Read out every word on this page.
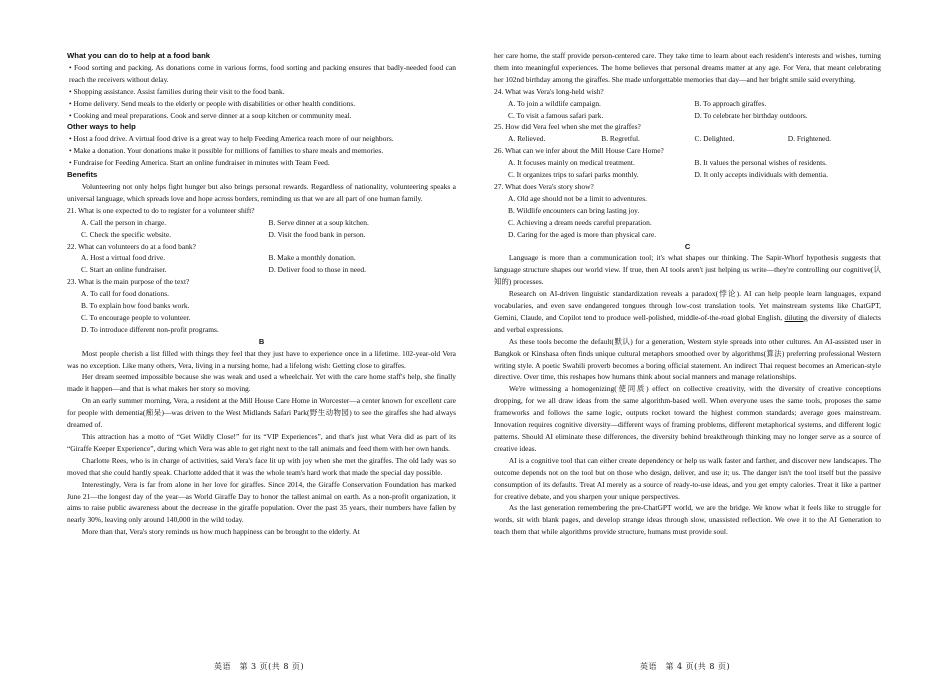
What you can do to help at a food bank

• Food sorting and packing. As donations come in various forms, food sorting and packing ensures that badly-needed food can reach the receivers without delay.

• Shopping assistance. Assist families during their visit to the food bank.

• Home delivery. Send meals to the elderly or people with disabilities or other health conditions.

• Cooking and meal preparations. Cook and serve dinner at a soup kitchen or community meal.

Other ways to help

• Host a food drive. A virtual food drive is a great way to help Feeding America reach more of our neighbors.

• Make a donation. Your donations make it possible for millions of families to share meals and memories.

• Fundraise for Feeding America. Start an online fundraiser in minutes with Team Feed.

Benefits

Volunteering not only helps fight hunger but also brings personal rewards. Regardless of nationality, volunteering speaks a universal language, which spreads love and hope across borders, reminding us that we are all part of one human family.

21. What is one expected to do to register for a volunteer shift?

A. Call the person in charge.	B. Serve dinner at a soup kitchen.
C. Check the specific website.	D. Visit the food bank in person.

22. What can volunteers do at a food bank?

A. Host a virtual food drive.	B. Make a monthly donation.
C. Start an online fundraiser.	D. Deliver food to those in need.

23. What is the main purpose of the text?

A. To call for food donations.
B. To explain how food banks work.
C. To encourage people to volunteer.
D. To introduce different non-profit programs.

B

Most people cherish a list filled with things they feel that they just have to experience once in a lifetime. 102-year-old Vera was no exception. Like many others, Vera, living in a nursing home, had a lifelong wish: Getting close to giraffes.

Her dream seemed impossible because she was weak and used a wheelchair. Yet with the care home staff's help, she finally made it happen—and that is what makes her story so moving.

On an early summer morning, Vera, a resident at the Mill House Care Home in Worcester—a center known for excellent care for people with dementia(痴呆)—was driven to the West Midlands Safari Park(野生动物园) to see the giraffes she had always dreamed of.

This attraction has a motto of “Get Wildly Close!” for its “VIP Experiences”, and that's just what Vera did as part of its “Giraffe Keeper Experience”, during which Vera was able to get right next to the tall animals and feed them with her own hands.

Charlotte Rees, who is in charge of activities, said Vera's face lit up with joy when she met the giraffes. The old lady was so moved that she could hardly speak. Charlotte added that it was the whole team's hard work that made the special day possible.

Interestingly, Vera is far from alone in her love for giraffes. Since 2014, the Giraffe Conservation Foundation has marked June 21—the longest day of the year—as World Giraffe Day to honor the tallest animal on earth. As a non-profit organization, it aims to raise public awareness about the decrease in the giraffe population. Over the past 35 years, their numbers have fallen by nearly 30%, leaving only around 140,000 in the wild today.

More than that, Vera's story reminds us how much happiness can be brought to the elderly. At

her care home, the staff provide person-centered care. They take time to learn about each resident's interests and wishes, turning them into meaningful experiences. The home believes that personal dreams matter at any age. For Vera, that meant celebrating her 102nd birthday among the giraffes. She made unforgettable memories that day—and her bright smile said everything.

24. What was Vera's long-held wish?

A. To join a wildlife campaign.	B. To approach giraffes.
C. To visit a famous safari park.	D. To celebrate her birthday outdoors.

25. How did Vera feel when she met the giraffes?

A. Relieved.	B. Regretful.	C. Delighted.	D. Frightened.

26. What can we infer about the Mill House Care Home?

A. It focuses mainly on medical treatment.	B. It values the personal wishes of residents.
C. It organizes trips to safari parks monthly.	D. It only accepts individuals with dementia.

27. What does Vera's story show?

A. Old age should not be a limit to adventures.
B. Wildlife encounters can bring lasting joy.
C. Achieving a dream needs careful preparation.
D. Caring for the aged is more than physical care.

C

Language is more than a communication tool; it's what shapes our thinking. The Sapir-Whorf hypothesis suggests that language structure shapes our world view. If true, then AI tools aren't just helping us write—they're controlling our cognitive(认知的) processes.

Research on AI-driven linguistic standardization reveals a paradox(悖论). AI can help people learn languages, expand vocabularies, and even save endangered tongues through low-cost translation tools. Yet mainstream systems like ChatGPT, Gemini, Claude, and Copilot tend to produce well-polished, middle-of-the-road global English, diluting the diversity of dialects and verbal expressions.

As these tools become the default(默认) for a generation, Western style spreads into other cultures. An AI-assisted user in Bangkok or Kinshasa often finds unique cultural metaphors smoothed over by algorithms(算法) preferring professional Western writing style. A poetic Swahili proverb becomes a boring official statement. An indirect Thai request becomes an American-style directive. Over time, this reshapes how humans think about social manners and manage relationships.

We're witnessing a homogenizing(使同质) effect on collective creativity, with the diversity of creative conceptions dropping, for we all draw ideas from the same algorithm-based well. When everyone uses the same tools, proposes the same frameworks and follows the same logic, outputs rocket toward the highest common standards; average goes mainstream. Innovation requires cognitive diversity—different ways of framing problems, different metaphorical systems, and different logic patterns. Should AI eliminate these differences, the diversity behind breakthrough thinking may no longer serve as a source of creative ideas.

AI is a cognitive tool that can either create dependency or help us walk faster and farther, and discover new landscapes. The outcome depends not on the tool but on those who design, deliver, and use it; us. The danger isn't the tool itself but the passive consumption of its defaults. Treat AI merely as a source of ready-to-use ideas, and you get empty calories. Treat it like a partner for creative debate, and you sharpen your unique perspectives.

As the last generation remembering the pre-ChatGPT world, we are the bridge. We know what it feels like to struggle for words, sit with blank pages, and develop strange ideas through slow, unassisted reflection. We owe it to the AI Generation to teach them that while algorithms provide structure, humans must provide soul.

英语　第 3 页(共 8 页)	英语　第 4 页(共 8 页)
